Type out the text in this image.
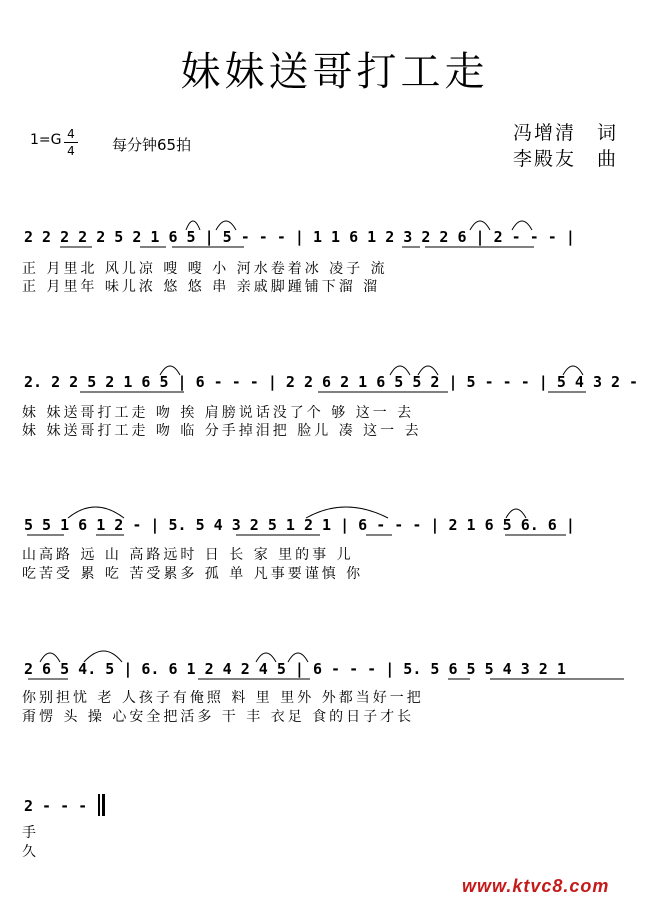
妹妹送哥打工走
1=G 4
4 每分钟65拍
冯增清　词
李殿友　曲
2 2 2 2 2 5 2 1 6 5 | 5 - - - | 1 1 6 1 2 3 2 2 6 | 2 - - - |
正 月里北 风儿凉 嗖 嗖 小 河水卷着冰 凌子 流
正 月里年 味儿浓 悠 悠 串 亲戚脚踵铺下溜 溜
2. 2 2 5 2 1 6 5 | 6 - - - | 2 2 6 2 1 6 5 5 2 | 5 - - - | 5 4 3 2 -
妹 妹送哥打工走 吻 挨 肩膀说话没了个 够 这一 去
妹 妹送哥打工走 吻 临 分手掉泪把 脸儿 凑 这一 去
5 5 1 6 1 2 - | 5. 5 4 3 2 5 1 2 1 | 6 - - - | 2 1 6 5 6. 6 |
山高路 远 山 高路远时 日 长 家 里的事 儿
吃苦受 累 吃 苦受累多 孤 单 凡事要谨慎 你
2 6 5 4. 5 | 6. 6 1 2 4 2 4 5 | 6 - - - | 5. 5 6 5 5 4 3 2 1
你别担忧 老 人孩子有俺照 料 里 里外 外都当好一把
甭愣 头 操 心安全把活多 干 丰 衣足 食的日子才长
2 - - -
手
久
www.ktvc8.com
